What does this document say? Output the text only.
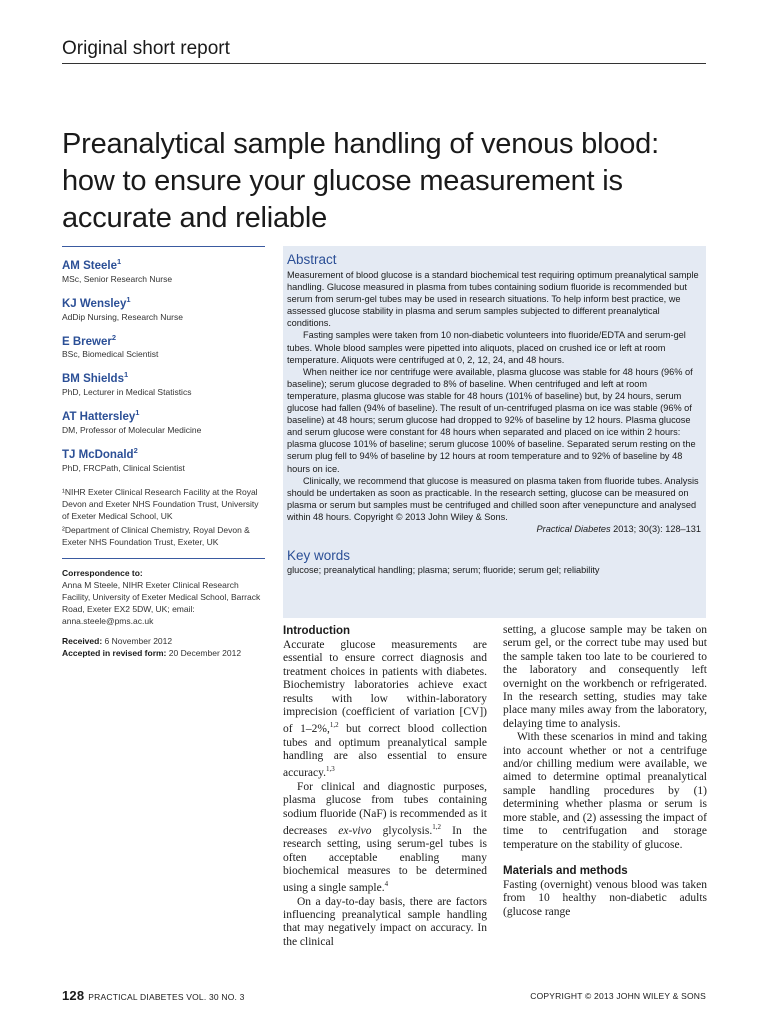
Original short report
Preanalytical sample handling of venous blood: how to ensure your glucose measurement is accurate and reliable
AM Steele$^1$
MSc, Senior Research Nurse
KJ Wensley$^1$
AdDip Nursing, Research Nurse
E Brewer$^2$
BSc, Biomedical Scientist
BM Shields$^1$
PhD, Lecturer in Medical Statistics
AT Hattersley$^1$
DM, Professor of Molecular Medicine
TJ McDonald$^2$
PhD, FRCPath, Clinical Scientist

¹NIHR Exeter Clinical Research Facility at the Royal Devon and Exeter NHS Foundation Trust, University of Exeter Medical School, UK

²Department of Clinical Chemistry, Royal Devon & Exeter NHS Foundation Trust, Exeter, UK

Correspondence to:
Anna M Steele, NIHR Exeter Clinical Research Facility, University of Exeter Medical School, Barrack Road, Exeter EX2 5DW, UK; email: anna.steele@pms.ac.uk
Received: 6 November 2012
Accepted in revised form: 20 December 2012
Abstract

Measurement of blood glucose is a standard biochemical test requiring optimum preanalytical sample handling. Glucose measured in plasma from tubes containing sodium fluoride is recommended but serum from serum-gel tubes may be used in research situations. To help inform best practice, we assessed glucose stability in plasma and serum samples subjected to different preanalytical conditions.

Fasting samples were taken from 10 non-diabetic volunteers into fluoride/EDTA and serum-gel tubes. Whole blood samples were pipetted into aliquots, placed on crushed ice or left at room temperature. Aliquots were centrifuged at 0, 2, 12, 24, and 48 hours.

When neither ice nor centrifuge were available, plasma glucose was stable for 48 hours (96% of baseline); serum glucose degraded to 8% of baseline. When centrifuged and left at room temperature, plasma glucose was stable for 48 hours (101% of baseline) but, by 24 hours, serum glucose had fallen (94% of baseline). The result of un-centrifuged plasma on ice was stable (96% of baseline) at 48 hours; serum glucose had dropped to 92% of baseline by 12 hours. Plasma glucose and serum glucose were constant for 48 hours when separated and placed on ice within 2 hours: plasma glucose 101% of baseline; serum glucose 100% of baseline. Separated serum resting on the serum plug fell to 94% of baseline by 12 hours at room temperature and to 92% of baseline by 48 hours on ice.

Clinically, we recommend that glucose is measured on plasma taken from fluoride tubes. Analysis should be undertaken as soon as practicable. In the research setting, glucose can be measured on plasma or serum but samples must be centrifuged and chilled soon after venepuncture and analysed within 48 hours. Copyright © 2013 John Wiley & Sons.

Practical Diabetes 2013; 30(3): 128–131

Key words

glucose; preanalytical handling; plasma; serum; fluoride; serum gel; reliability

Introduction

Accurate glucose measurements are essential to ensure correct diagnosis and treatment choices in patients with diabetes. Biochemistry laboratories achieve exact results with low within-laboratory imprecision (coefficient of variation [CV]) of 1–2%,$^{1,2}$ but correct blood collection tubes and optimum preanalytical sample handling are also essential to ensure accuracy.$^{1,3}$

For clinical and diagnostic purposes, plasma glucose from tubes containing sodium fluoride (NaF) is recommended as it decreases ex-vivo glycolysis.$^{1,2}$ In the research setting, using serum-gel tubes is often acceptable enabling many biochemical measures to be determined using a single sample.$^4$

On a day-to-day basis, there are factors influencing preanalytical sample handling that may negatively impact on accuracy. In the clinical

setting, a glucose sample may be taken on serum gel, or the correct tube may used but the sample taken too late to be couriered to the laboratory and consequently left overnight on the workbench or refrigerated. In the research setting, studies may take place many miles away from the laboratory, delaying time to analysis.

With these scenarios in mind and taking into account whether or not a centrifuge and/or chilling medium were available, we aimed to determine optimal preanalytical sample handling procedures by (1) determining whether plasma or serum is more stable, and (2) assessing the impact of time to centrifugation and storage temperature on the stability of glucose.

Materials and methods

Fasting (overnight) venous blood was taken from 10 healthy non-diabetic adults (glucose range

128 PRACTICAL DIABETES VOL. 30 NO. 3	COPYRIGHT © 2013 JOHN WILEY & SONS
